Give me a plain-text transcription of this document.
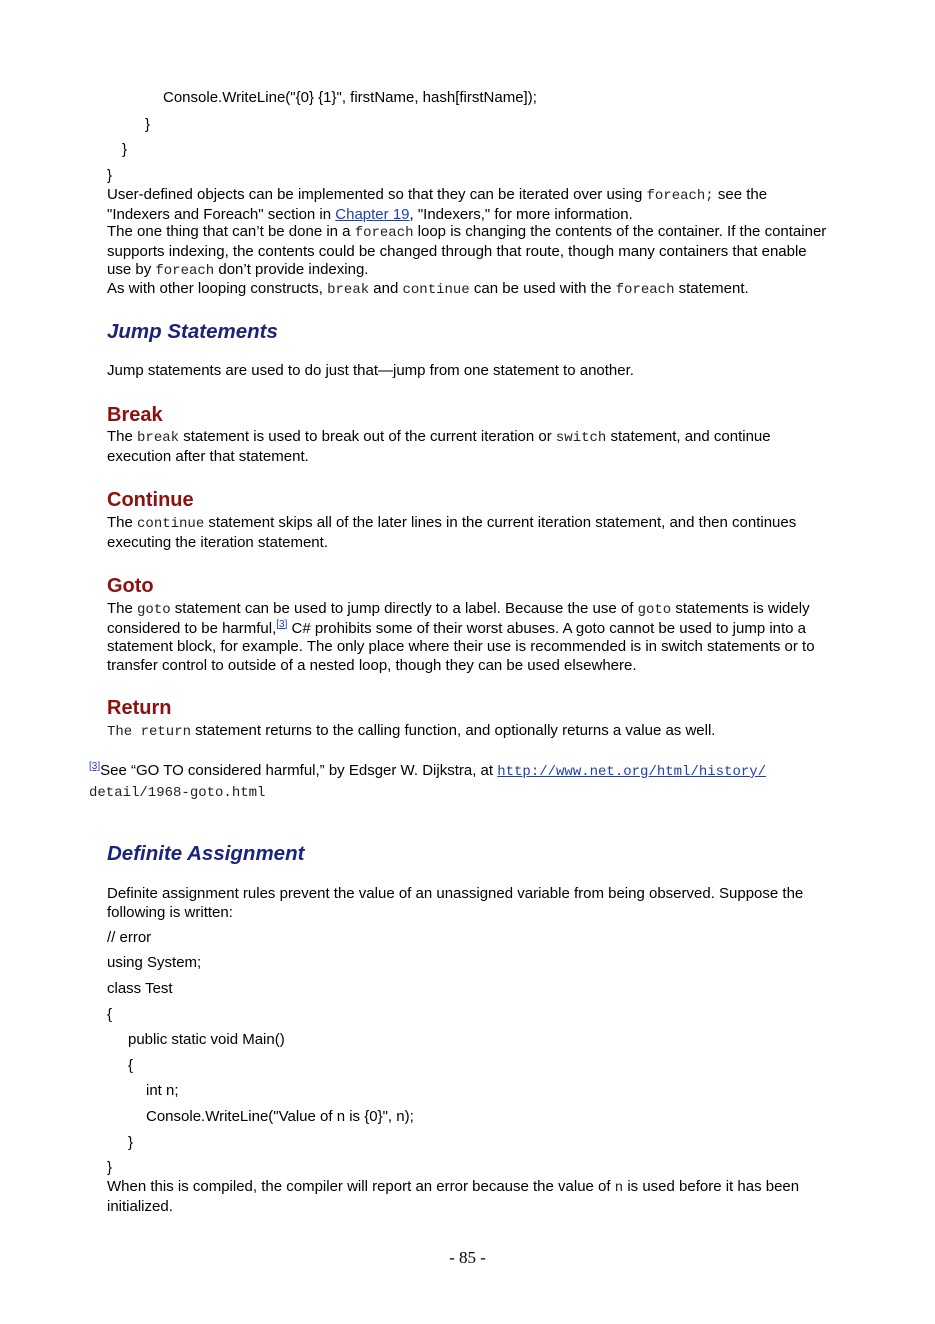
Console.WriteLine("{0} {1}", firstName, hash[firstName]);
}
}
}
User-defined objects can be implemented so that they can be iterated over using foreach; see the "Indexers and Foreach" section in Chapter 19, "Indexers," for more information.
The one thing that can’t be done in a foreach loop is changing the contents of the container. If the container supports indexing, the contents could be changed through that route, though many containers that enable use by foreach don’t provide indexing.
As with other looping constructs, break and continue can be used with the foreach statement.
Jump Statements
Jump statements are used to do just that—jump from one statement to another.
Break
The break statement is used to break out of the current iteration or switch statement, and continue execution after that statement.
Continue
The continue statement skips all of the later lines in the current iteration statement, and then continues executing the iteration statement.
Goto
The goto statement can be used to jump directly to a label. Because the use of goto statements is widely considered to be harmful,[3] C# prohibits some of their worst abuses. A goto cannot be used to jump into a statement block, for example. The only place where their use is recommended is in switch statements or to transfer control to outside of a nested loop, though they can be used elsewhere.
Return
The return statement returns to the calling function, and optionally returns a value as well.
[3]See “GO TO considered harmful,” by Edsger W. Dijkstra, at http://www.net.org/html/history/
detail/1968-goto.html
Definite Assignment
Definite assignment rules prevent the value of an unassigned variable from being observed. Suppose the following is written:
// error
using System;
class Test
{
public static void Main()
{
int n;
Console.WriteLine("Value of n is {0}", n);
}
}
When this is compiled, the compiler will report an error because the value of n is used before it has been initialized.
- 85 -
